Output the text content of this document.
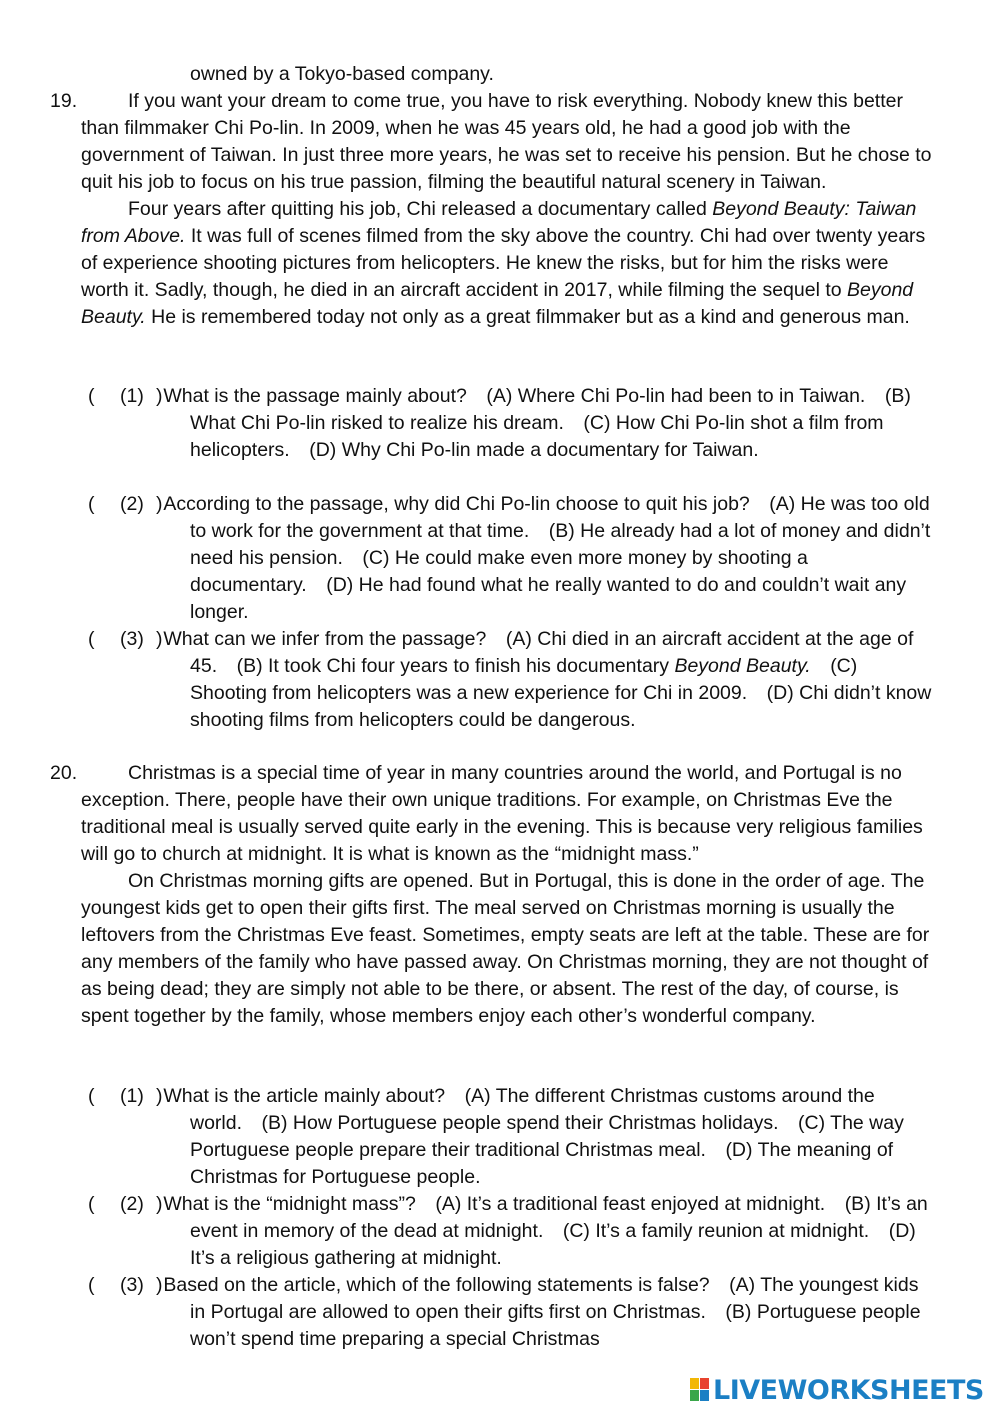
owned by a Tokyo-based company.
19.	If you want your dream to come true, you have to risk everything. Nobody knew this better than filmmaker Chi Po-lin. In 2009, when he was 45 years old, he had a good job with the government of Taiwan. In just three more years, he was set to receive his pension. But he chose to quit his job to focus on his true passion, filming the beautiful natural scenery in Taiwan.

Four years after quitting his job, Chi released a documentary called Beyond Beauty: Taiwan from Above. It was full of scenes filmed from the sky above the country. Chi had over twenty years of experience shooting pictures from helicopters. He knew the risks, but for him the risks were worth it. Sadly, though, he died in an aircraft accident in 2017, while filming the sequel to Beyond Beauty. He is remembered today not only as a great filmmaker but as a kind and generous man.

(	)
(1)  What is the passage mainly about? (A) Where Chi Po-lin had been to in Taiwan. (B) What Chi Po-lin risked to realize his dream. (C) How Chi Po-lin shot a film from helicopters. (D) Why Chi Po-lin made a documentary for Taiwan.
(	)
(2)  According to the passage, why did Chi Po-lin choose to quit his job? (A) He was too old to work for the government at that time. (B) He already had a lot of money and didn’t need his pension. (C) He could make even more money by shooting a documentary. (D) He had found what he really wanted to do and couldn’t wait any longer.
(	)
(3)  What can we infer from the passage? (A) Chi died in an aircraft accident at the age of 45. (B) It took Chi four years to finish his documentary Beyond Beauty. (C) Shooting from helicopters was a new experience for Chi in 2009. (D) Chi didn’t know shooting films from helicopters could be dangerous.
20.	Christmas is a special time of year in many countries around the world, and Portugal is no exception. There, people have their own unique traditions. For example, on Christmas Eve the traditional meal is usually served quite early in the evening. This is because very religious families will go to church at midnight. It is what is known as the “midnight mass.”

On Christmas morning gifts are opened. But in Portugal, this is done in the order of age. The youngest kids get to open their gifts first. The meal served on Christmas morning is usually the leftovers from the Christmas Eve feast. Sometimes, empty seats are left at the table. These are for any members of the family who have passed away. On Christmas morning, they are not thought of as being dead; they are simply not able to be there, or absent. The rest of the day, of course, is spent together by the family, whose members enjoy each other’s wonderful company.

(	)
(1)  What is the article mainly about? (A) The different Christmas customs around the world. (B) How Portuguese people spend their Christmas holidays. (C) The way Portuguese people prepare their traditional Christmas meal. (D) The meaning of Christmas for Portuguese people.
(	)
(2)  What is the “midnight mass”? (A) It’s a traditional feast enjoyed at midnight. (B) It’s an event in memory of the dead at midnight. (C) It’s a family reunion at midnight. (D) It’s a religious gathering at midnight.
(	)
(3)  Based on the article, which of the following statements is false? (A) The youngest kids in Portugal are allowed to open their gifts first on Christmas. (B) Portuguese people won’t spend time preparing a special Christmas
LIVEWORKSHEETS
